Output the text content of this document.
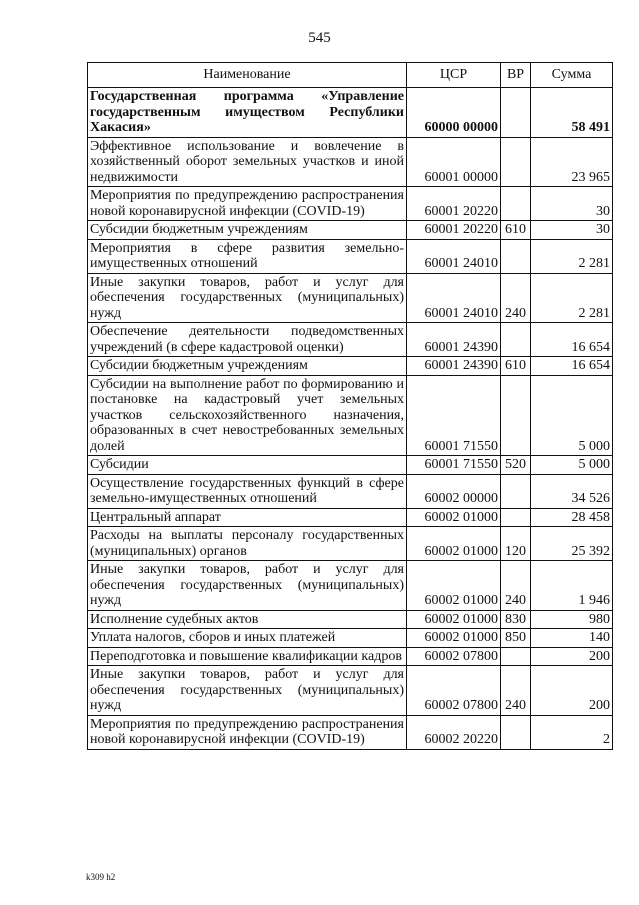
545
Наименование	ЦСР	ВР	Сумма
Государственная программа «Управление государственным имуществом Республики Хакасия»	60000 00000		58 491
Эффективное использование и вовлечение в хозяйственный оборот земельных участков и иной недвижимости	60001 00000		23 965
Мероприятия по предупреждению распространения новой коронавирусной инфекции (COVID-19)	60001 20220		30
Субсидии бюджетным учреждениям	60001 20220	610	30
Мероприятия в сфере развития земельно-имущественных отношений	60001 24010		2 281
Иные закупки товаров, работ и услуг для обеспечения государственных (муниципальных) нужд	60001 24010	240	2 281
Обеспечение деятельности подведомственных учреждений (в сфере кадастровой оценки)	60001 24390		16 654
Субсидии бюджетным учреждениям	60001 24390	610	16 654
Субсидии на выполнение работ по формированию и постановке на кадастровый учет земельных участков сельскохозяйственного назначения, образованных в счет невостребованных земельных долей	60001 71550		5 000
Субсидии	60001 71550	520	5 000
Осуществление государственных функций в сфере земельно-имущественных отношений	60002 00000		34 526
Центральный аппарат	60002 01000		28 458
Расходы на выплаты персоналу государственных (муниципальных) органов	60002 01000	120	25 392
Иные закупки товаров, работ и услуг для обеспечения государственных (муниципальных) нужд	60002 01000	240	1 946
Исполнение судебных актов	60002 01000	830	980
Уплата налогов, сборов и иных платежей	60002 01000	850	140
Переподготовка и повышение квалификации кадров	60002 07800		200
Иные закупки товаров, работ и услуг для обеспечения государственных (муниципальных) нужд	60002 07800	240	200
Мероприятия по предупреждению распространения новой коронавирусной инфекции (COVID-19)	60002 20220		2
k309 h2
